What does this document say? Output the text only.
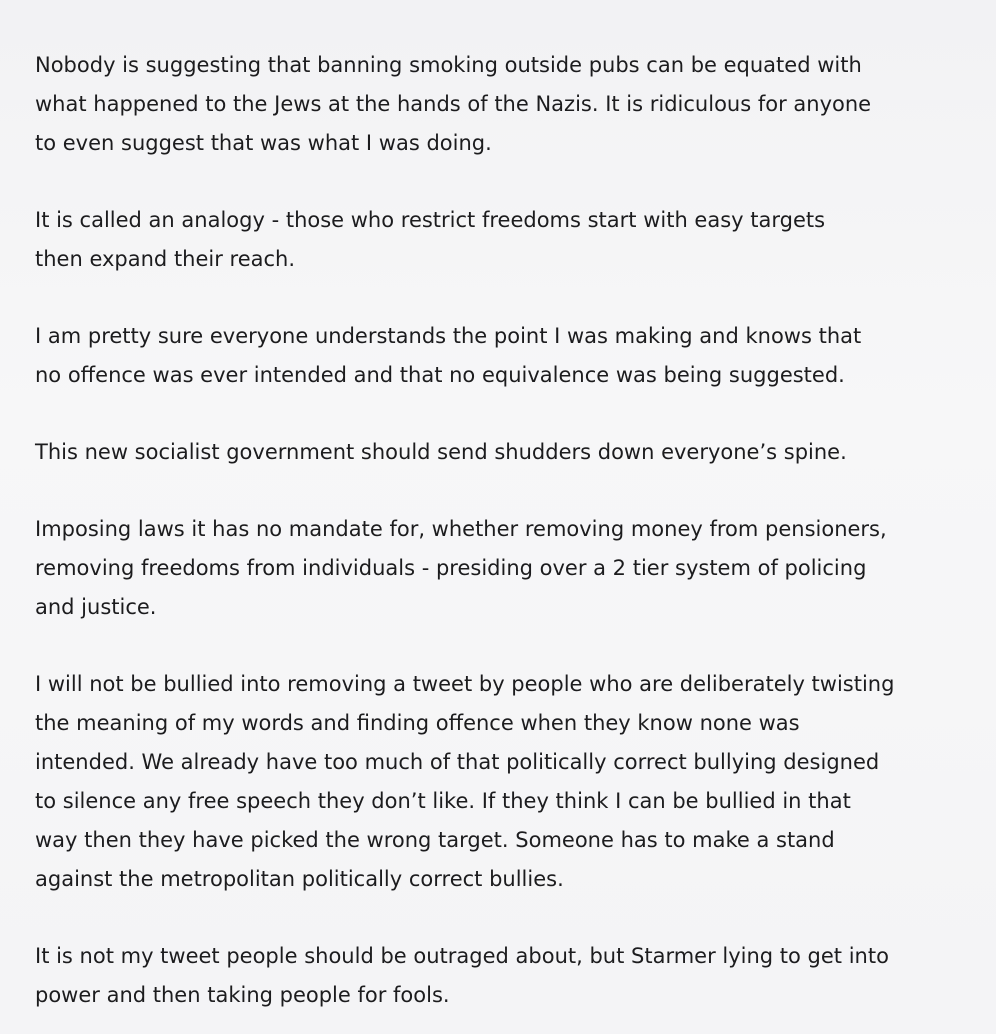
Nobody is suggesting that banning smoking outside pubs can be equated with
what happened to the Jews at the hands of the Nazis. It is ridiculous for anyone
to even suggest that was what I was doing.

It is called an analogy - those who restrict freedoms start with easy targets
then expand their reach.

I am pretty sure everyone understands the point I was making and knows that
no offence was ever intended and that no equivalence was being suggested.

This new socialist government should send shudders down everyone’s spine.

Imposing laws it has no mandate for, whether removing money from pensioners,
removing freedoms from individuals - presiding over a 2 tier system of policing
and justice.

I will not be bullied into removing a tweet by people who are deliberately twisting
the meaning of my words and finding offence when they know none was
intended. We already have too much of that politically correct bullying designed
to silence any free speech they don’t like. If they think I can be bullied in that
way then they have picked the wrong target. Someone has to make a stand
against the metropolitan politically correct bullies.

It is not my tweet people should be outraged about, but Starmer lying to get into
power and then taking people for fools.
